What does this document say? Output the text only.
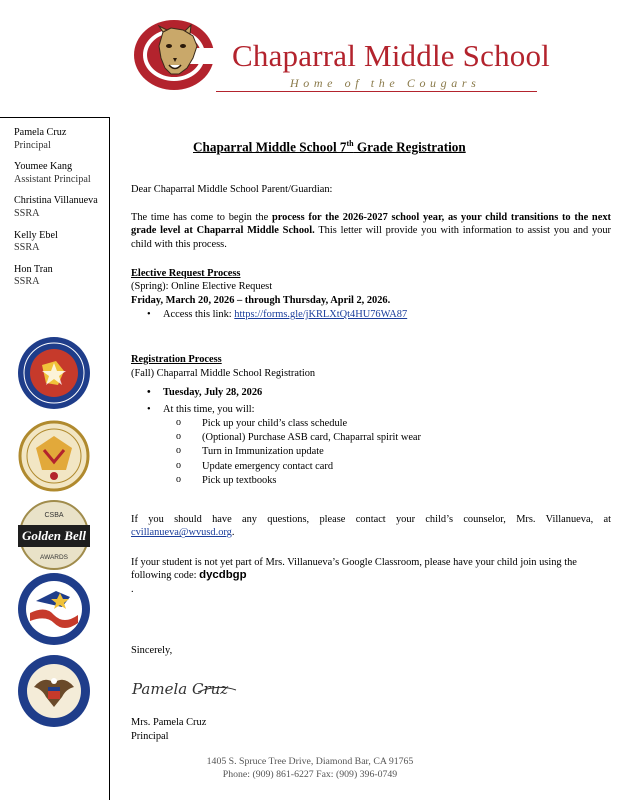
Chaparral Middle School
Home of the Cougars
Pamela Cruz
Principal
Youmee Kang
Assistant Principal
Christina Villanueva
SSRA
Kelly Ebel
SSRA
Hon Tran
SSRA
CSBA
Golden Bell
AWARDS
Chaparral Middle School 7th Grade Registration
Dear Chaparral Middle School Parent/Guardian:
The time has come to begin the process for the 2026-2027 school year, as your child transitions to the next grade level at Chaparral Middle School. This letter will provide you with information to assist you and your child with this process.
Elective Request Process
(Spring): Online Elective Request
Friday, March 20, 2026 – through Thursday, April 2, 2026.
• Access this link: https://forms.gle/jKRLXtQt4HU76WA87
Registration Process
(Fall) Chaparral Middle School Registration
• Tuesday, July 28, 2026
• At this time, you will:
o Pick up your child’s class schedule
o (Optional) Purchase ASB card, Chaparral spirit wear
o Turn in Immunization update
o Update emergency contact card
o Pick up textbooks
If you should have any questions, please contact your child’s counselor, Mrs. Villanueva, at cvillanueva@wvusd.org.
If your student is not yet part of Mrs. Villanueva’s Google Classroom, please have your child join using the following code: dycdbgp
.
Sincerely,
Pamela Cruz
Mrs. Pamela Cruz
Principal
1405 S. Spruce Tree Drive, Diamond Bar, CA 91765
Phone: (909) 861-6227 Fax: (909) 396-0749
